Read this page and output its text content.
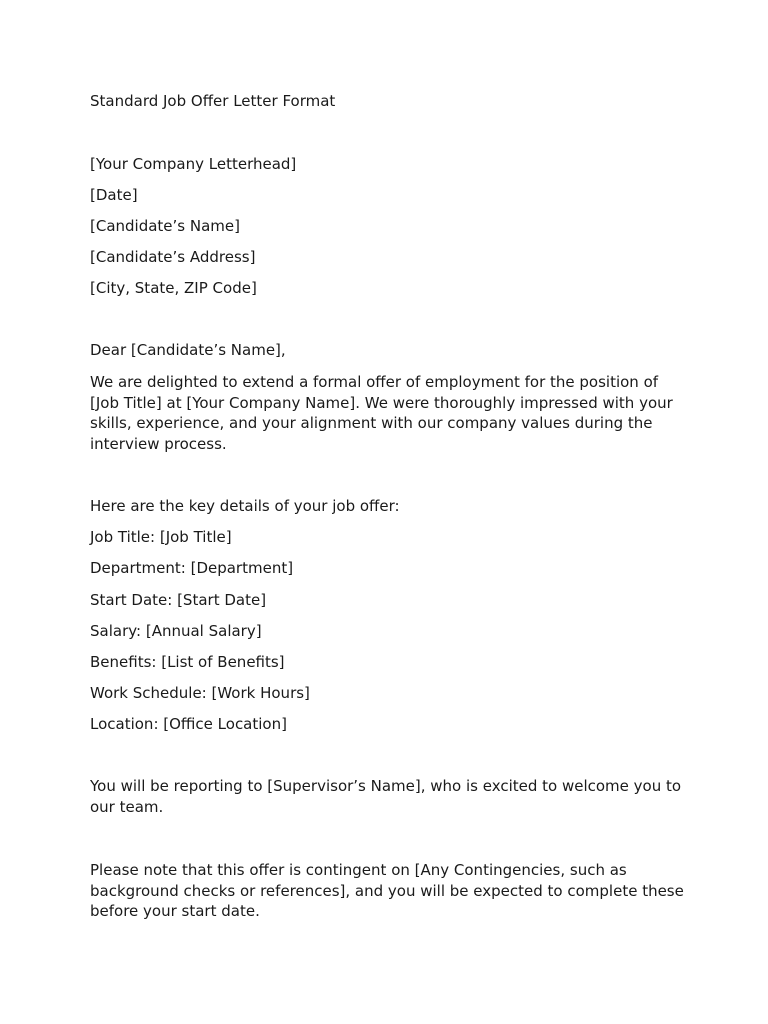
Standard Job Offer Letter Format
[Your Company Letterhead]
[Date]
[Candidate’s Name]
[Candidate’s Address]
[City, State, ZIP Code]
Dear [Candidate’s Name],
We are delighted to extend a formal offer of employment for the position of [Job Title] at [Your Company Name]. We were thoroughly impressed with your skills, experience, and your alignment with our company values during the interview process.
Here are the key details of your job offer:
Job Title: [Job Title]
Department: [Department]
Start Date: [Start Date]
Salary: [Annual Salary]
Benefits: [List of Benefits]
Work Schedule: [Work Hours]
Location: [Office Location]
You will be reporting to [Supervisor’s Name], who is excited to welcome you to our team.
Please note that this offer is contingent on [Any Contingencies, such as background checks or references], and you will be expected to complete these before your start date.
